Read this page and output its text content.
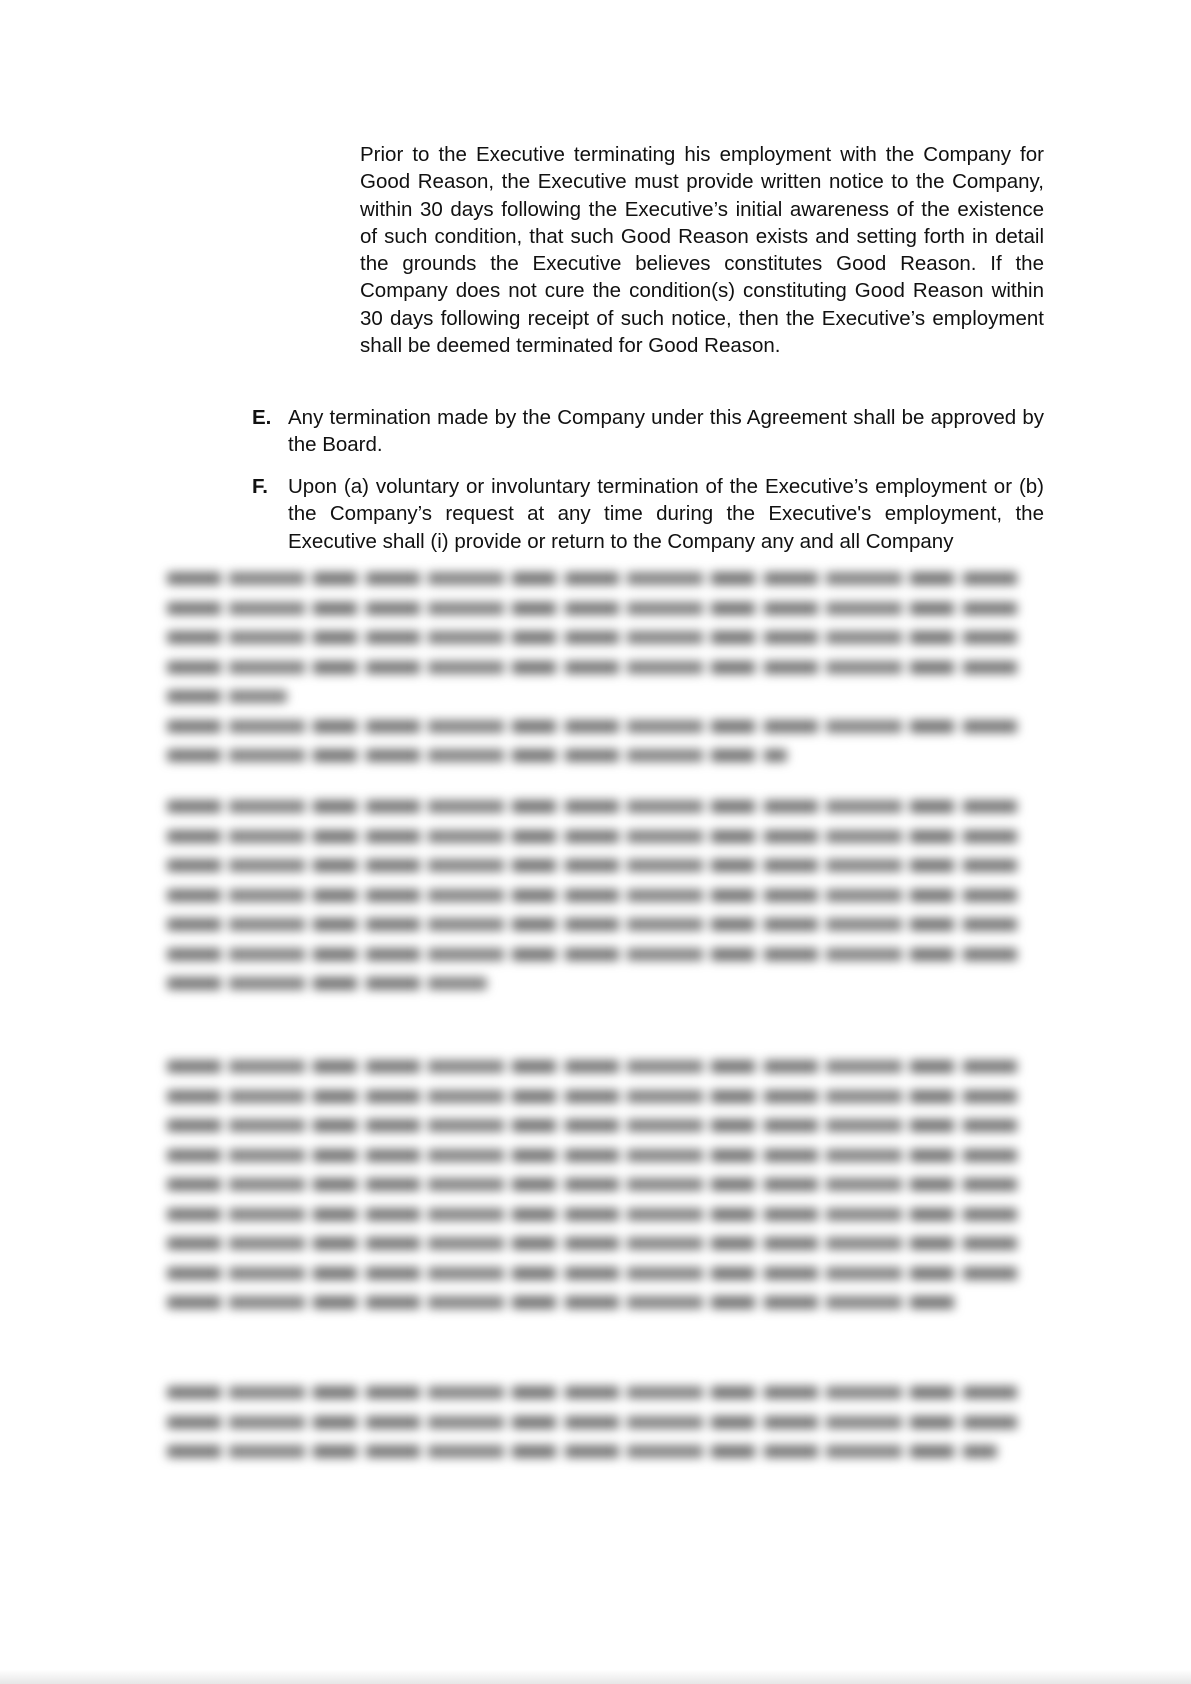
Prior to the Executive terminating his employment with the Company for Good Reason, the Executive must provide written notice to the Company, within 30 days following the Executive’s initial awareness of the existence of such condition, that such Good Reason exists and setting forth in detail the grounds the Executive believes constitutes Good Reason. If the Company does not cure the condition(s) constituting Good Reason within 30 days following receipt of such notice, then the Executive’s employment shall be deemed terminated for Good Reason.
E. Any termination made by the Company under this Agreement shall be approved by the Board.
F. Upon (a) voluntary or involuntary termination of the Executive’s employment or (b) the Company’s request at any time during the Executive's employment, the Executive shall (i) provide or return to the Company any and all Company
